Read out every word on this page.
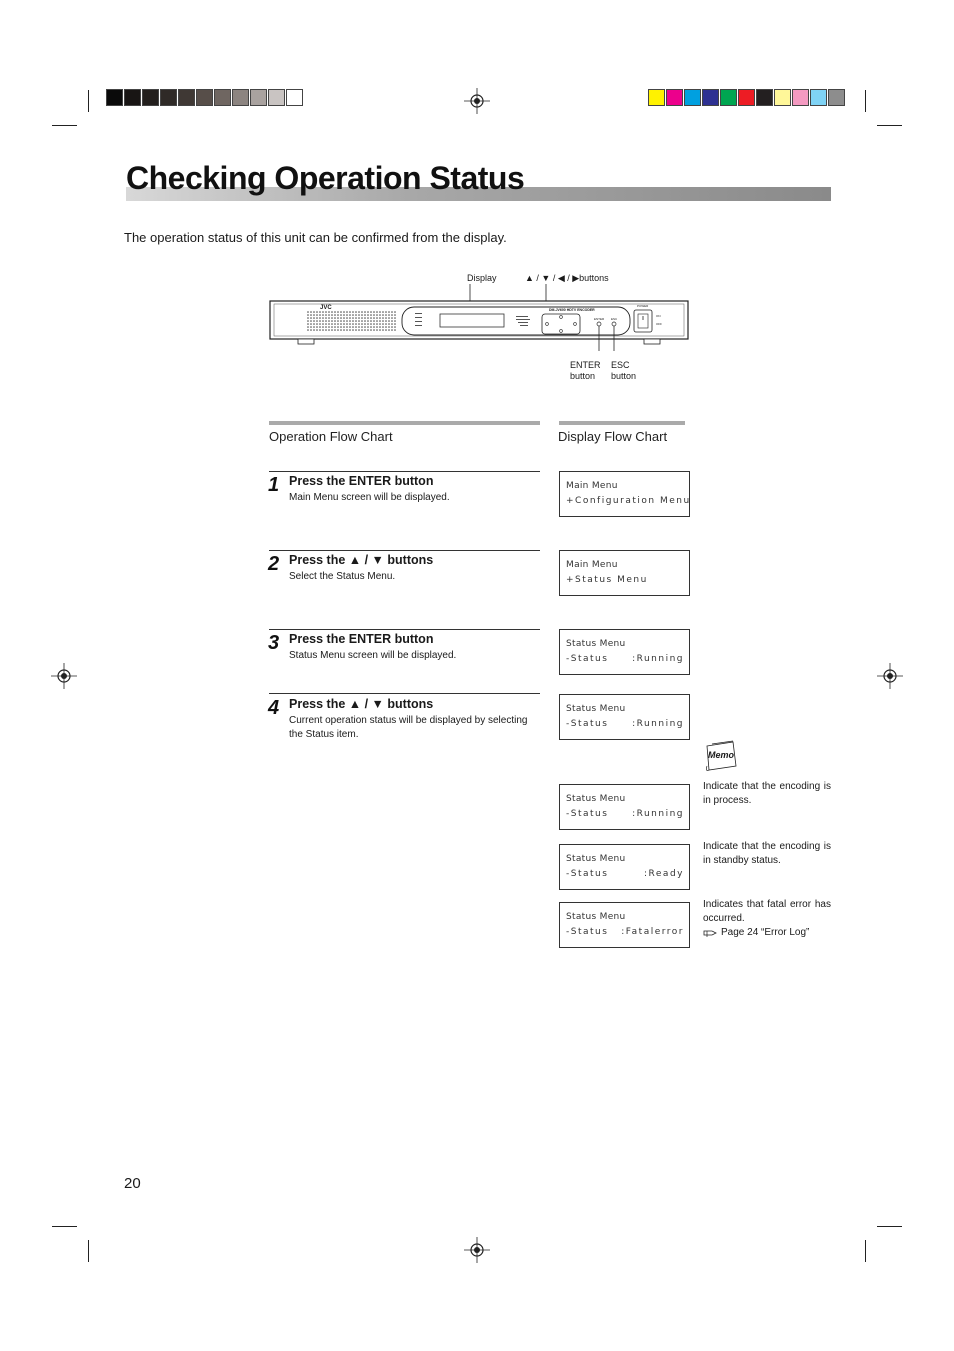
Checking Operation Status
The operation status of this unit can be confirmed from the display.
Display	▲ / ▼ / ◀ / ▶buttons
JVC	DM-JV600 HDTV ENCODER
POWER
ON
OFF
ENTER ESC
ENTER
button
ESC
button
Operation Flow Chart	Display Flow Chart
1 Press the ENTER button
Main Menu screen will be displayed.
2 Press the ▲ / ▼ buttons
Select the Status Menu.
3 Press the ENTER button
Status Menu screen will be displayed.
4 Press the ▲ / ▼ buttons
Current operation status will be displayed by selecting the Status item.
Main Menu
+Configuration Menu
Main Menu
+Status Menu
Status Menu
-Status	:Running
Status Menu
-Status	:Running
Status Menu
-Status	:Running
Status Menu
-Status	:Ready
Status Menu
-Status :Fatalerror
Memo
Indicate that the encoding is in process.
Indicate that the encoding is in standby status.
Indicates that fatal error has occurred.
Page 24 “Error Log”
20
